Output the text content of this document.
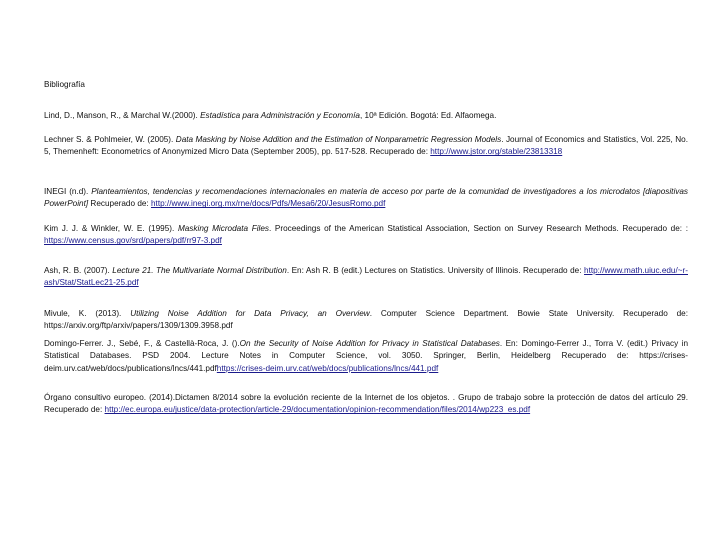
Bibliografía
Lind, D., Manson, R., & Marchal W.(2000). Estadística para Administración y Economía, 10ª Edición. Bogotá: Ed. Alfaomega.
Lechner S. & Pohlmeier, W. (2005). Data Masking by Noise Addition and the Estimation of Nonparametric Regression Models. Journal of Economics and Statistics, Vol. 225, No. 5, Themenheft: Econometrics of Anonymized Micro Data (September 2005), pp. 517-528. Recuperado de: http://www.jstor.org/stable/23813318
INEGI (n.d). Planteamientos, tendencias y recomendaciones internacionales en materia de acceso por parte de la comunidad de investigadores a los microdatos [diapositivas PowerPoint] Recuperado de: http://www.inegi.org.mx/rne/docs/Pdfs/Mesa6/20/JesusRomo.pdf
Kim J. J. & Winkler, W. E. (1995). Masking Microdata Files. Proceedings of the American Statistical Association, Section on Survey Research Methods. Recuperado de: : https://www.census.gov/srd/papers/pdf/rr97-3.pdf
Ash, R. B. (2007). Lecture 21. The Multivariate Normal Distribution. En: Ash R. B (edit.) Lectures on Statistics. University of Illinois. Recuperado de: http://www.math.uiuc.edu/~r-ash/Stat/StatLec21-25.pdf
Mivule, K. (2013). Utilizing Noise Addition for Data Privacy, an Overview. Computer Science Department. Bowie State University. Recuperado de: https://arxiv.org/ftp/arxiv/papers/1309/1309.3958.pdf
Domingo-Ferrer. J., Sebé, F., & Castellà-Roca, J. ().On the Security of Noise Addition for Privacy in Statistical Databases. En: Domingo-Ferrer J., Torra V. (edit.) Privacy in Statistical Databases. PSD 2004. Lecture Notes in Computer Science, vol. 3050. Springer, Berlin, Heidelberg Recuperado de: https://crises-deim.urv.cat/web/docs/publications/lncs/441.pdfhttps://crises-deim.urv.cat/web/docs/publications/lncs/441.pdf
Órgano consultivo europeo. (2014).Dictamen 8/2014 sobre la evolución reciente de la Internet de los objetos. . Grupo de trabajo sobre la protección de datos del artículo 29. Recuperado de: http://ec.europa.eu/justice/data-protection/article-29/documentation/opinion-recommendation/files/2014/wp223_es.pdf
